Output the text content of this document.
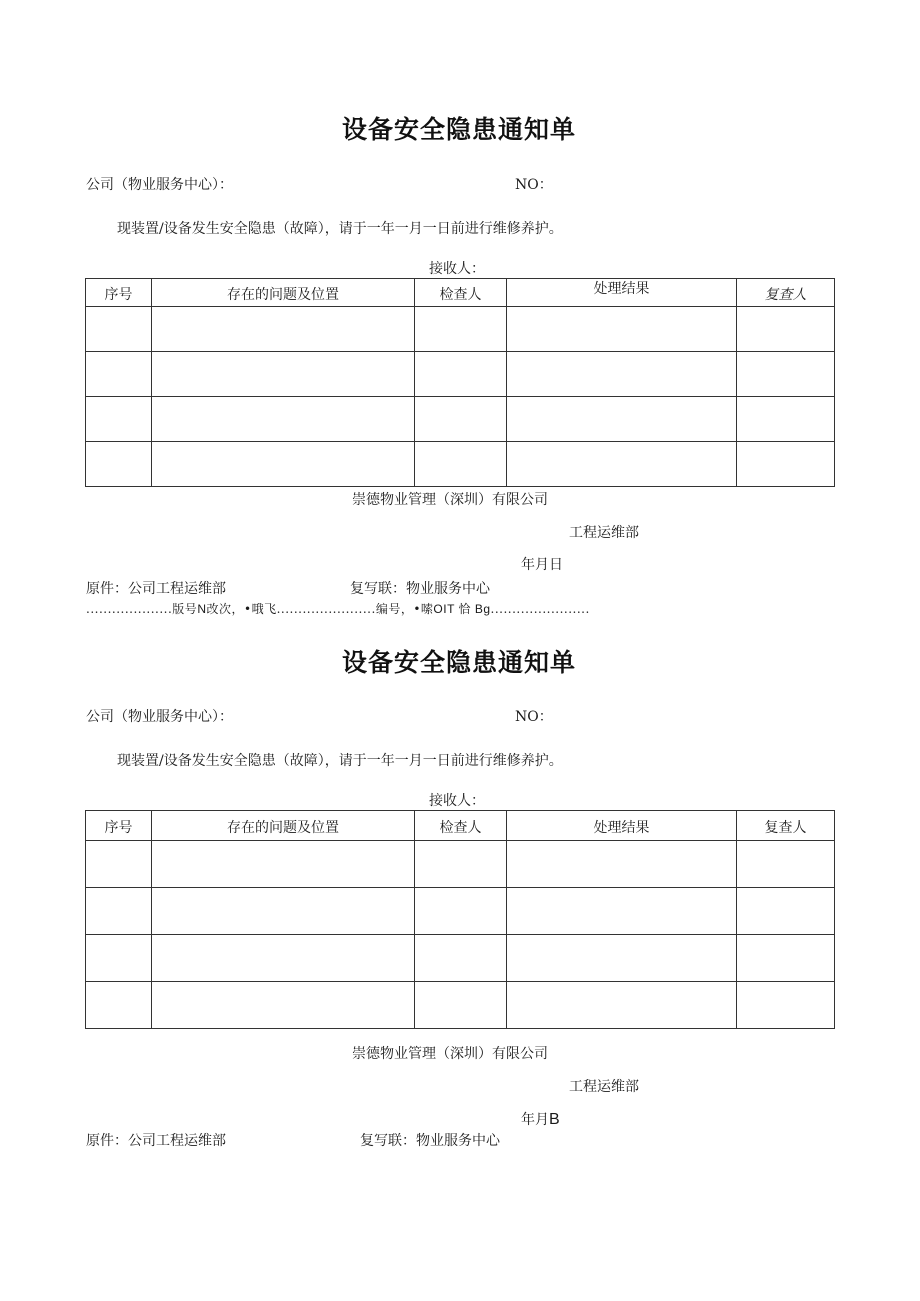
设备安全隐患通知单
公司（物业服务中心）：	NO：
现装置/设备发生安全隐患（故障），请于一年一月一日前进行维修养护。
接收人：
序号	存在的问题及位置	检查人	处理结果	复查人

崇德物业管理（深圳）有限公司
工程运维部
年月日
原件：公司工程运维部	复写联：物业服务中心
....................版号N改次，•哦飞.......................编号，•嗦OIT 恰 Bg.......................
设备安全隐患通知单
公司（物业服务中心）：	NO：
现装置/设备发生安全隐患（故障），请于一年一月一日前进行维修养护。
接收人：
序号	存在的问题及位置	检查人	处理结果	复查人

崇德物业管理（深圳）有限公司
工程运维部
年月B
原件：公司工程运维部	复写联：物业服务中心
